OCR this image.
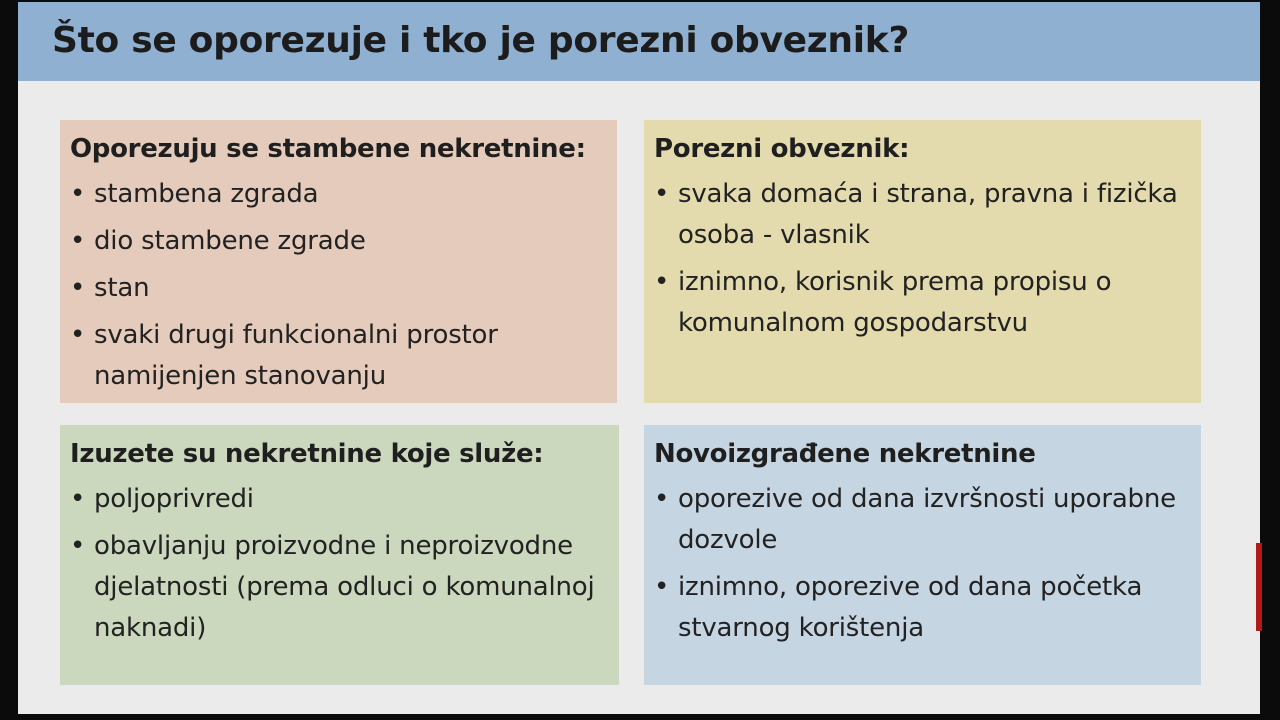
Što se oporezuje i tko je porezni obveznik?
Oporezuju se stambene nekretnine:
• stambena zgrada
• dio stambene zgrade
• stan
• svaki drugi funkcionalni prostor namijenjen stanovanju
Porezni obveznik:
• svaka domaća i strana, pravna i fizička osoba - vlasnik
• iznimno, korisnik prema propisu o komunalnom gospodarstvu
Izuzete su nekretnine koje služe:
• poljoprivredi
• obavljanju proizvodne i neproizvodne djelatnosti (prema odluci o komunalnoj naknadi)
Novoizgrađene nekretnine
• oporezive od dana izvršnosti uporabne dozvole
• iznimno, oporezive od dana početka stvarnog korištenja
